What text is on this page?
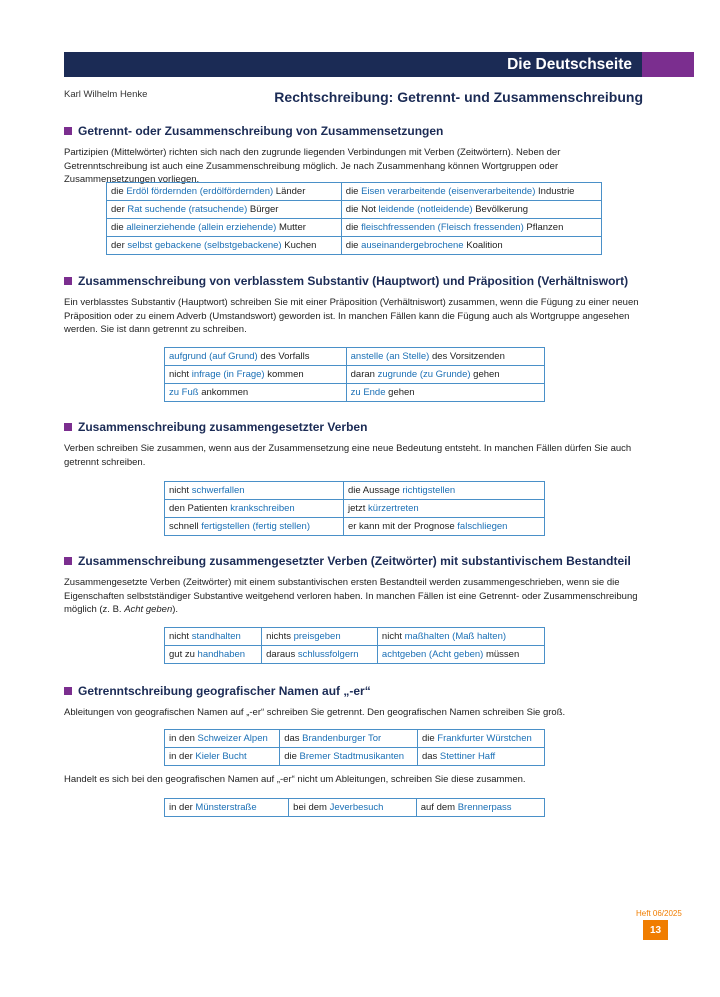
Die Deutschseite
Karl Wilhelm Henke	Rechtschreibung: Getrennt- und Zusammenschreibung
Getrennt- oder Zusammenschreibung von Zusammensetzungen
Partizipien (Mittelwörter) richten sich nach den zugrunde liegenden Verbindungen mit Verben (Zeitwörtern). Neben der Getrenntschreibung ist auch eine Zusammenschreibung möglich. Je nach Zusammenhang können Wortgruppen oder Zusammensetzungen vorliegen.
die Erdöl fördernden (erdölfördernden) Länder	die Eisen verarbeitende (eisenverarbeitende) Industrie
der Rat suchende (ratsuchende) Bürger	die Not leidende (notleidende) Bevölkerung
die alleinerziehende (allein erziehende) Mutter	die fleischfressenden (Fleisch fressenden) Pflanzen
der selbst gebackene (selbstgebackene) Kuchen	die auseinandergebrochene Koalition
Zusammenschreibung von verblasstem Substantiv (Hauptwort) und Präposition (Verhältniswort)
Ein verblasstes Substantiv (Hauptwort) schreiben Sie mit einer Präposition (Verhältniswort) zusammen, wenn die Fügung zu einer neuen Präposition oder zu einem Adverb (Umstandswort) geworden ist. In manchen Fällen kann die Fügung auch als Wortgruppe angesehen werden. Sie ist dann getrennt zu schreiben.
aufgrund (auf Grund) des Vorfalls	anstelle (an Stelle) des Vorsitzenden
nicht infrage (in Frage) kommen	daran zugrunde (zu Grunde) gehen
zu Fuß ankommen	zu Ende gehen
Zusammenschreibung zusammengesetzter Verben
Verben schreiben Sie zusammen, wenn aus der Zusammensetzung eine neue Bedeutung entsteht. In manchen Fällen dürfen Sie auch getrennt schreiben.
nicht schwerfallen	die Aussage richtigstellen
den Patienten krankschreiben	jetzt kürzertreten
schnell fertigstellen (fertig stellen)	er kann mit der Prognose falschliegen
Zusammenschreibung zusammengesetzter Verben (Zeitwörter) mit substantivischem Bestandteil
Zusammengesetzte Verben (Zeitwörter) mit einem substantivischen ersten Bestandteil werden zusammengeschrieben, wenn sie die Eigenschaften selbstständiger Substantive weitgehend verloren haben. In manchen Fällen ist eine Getrennt- oder Zusammenschreibung möglich (z. B. Acht geben).
nicht standhalten	nichts preisgeben	nicht maßhalten (Maß halten)
gut zu handhaben	daraus schlussfolgern	achtgeben (Acht geben) müssen
Getrenntschreibung geografischer Namen auf „-er“
Ableitungen von geografischen Namen auf „-er“ schreiben Sie getrennt. Den geografischen Namen schreiben Sie groß.
in den Schweizer Alpen	das Brandenburger Tor	die Frankfurter Würstchen
in der Kieler Bucht	die Bremer Stadtmusikanten	das Stettiner Haff
Handelt es sich bei den geografischen Namen auf „-er“ nicht um Ableitungen, schreiben Sie diese zusammen.
in der Münsterstraße	bei dem Jeverbesuch	auf dem Brennerpass
Heft 06/2025
13
